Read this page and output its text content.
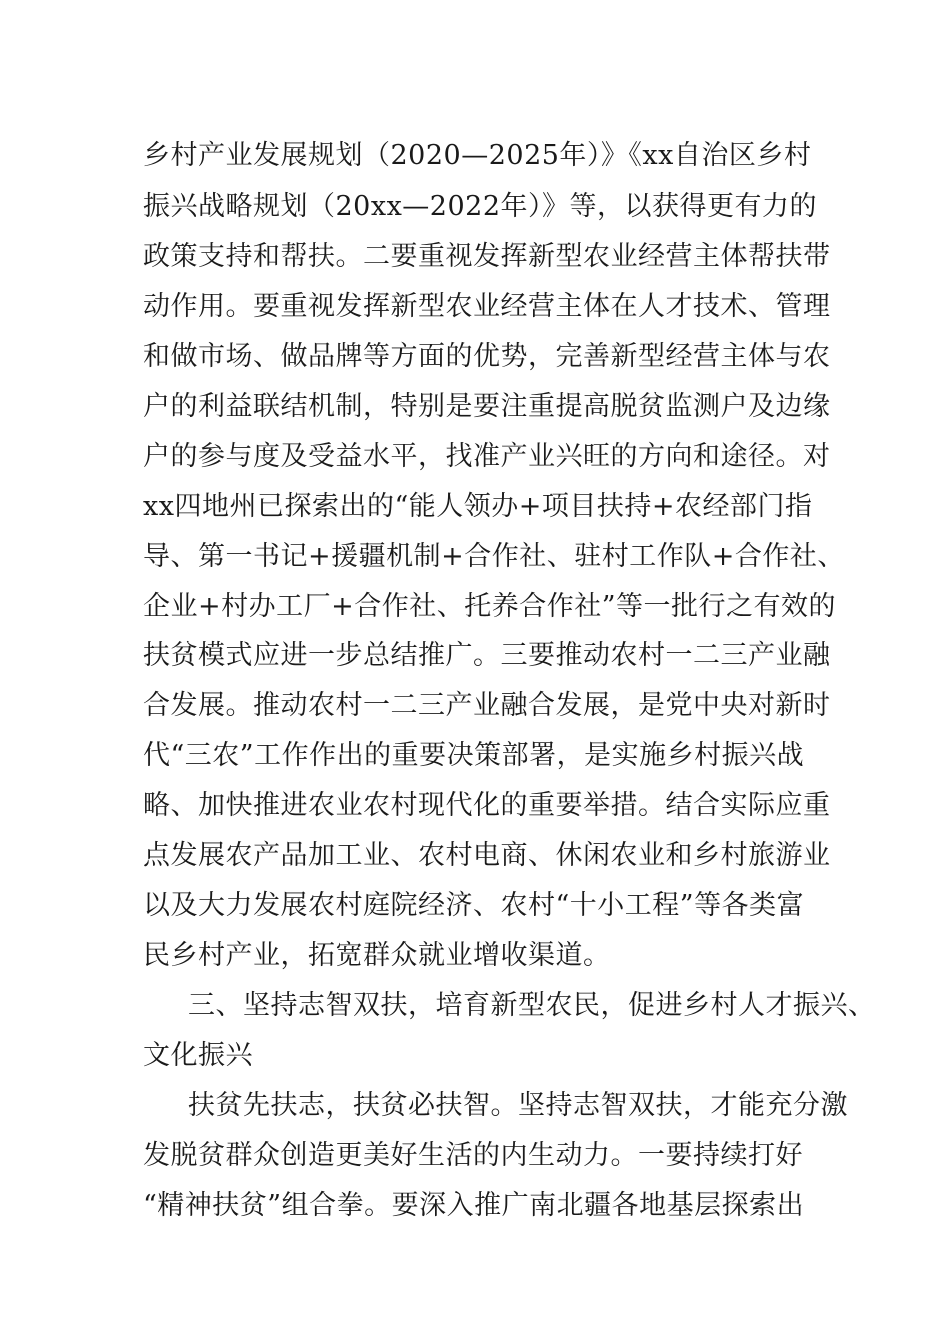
乡村产业发展规划（2020—2025年）》《xx自治区乡村
振兴战略规划（20xx—2022年）》等，以获得更有力的
政策支持和帮扶。二要重视发挥新型农业经营主体帮扶带
动作用。要重视发挥新型农业经营主体在人才技术、管理
和做市场、做品牌等方面的优势，完善新型经营主体与农
户的利益联结机制，特别是要注重提高脱贫监测户及边缘
户的参与度及受益水平，找准产业兴旺的方向和途径。对
xx四地州已探索出的“能人领办+项目扶持+农经部门指
导、第一书记+援疆机制+合作社、驻村工作队+合作社、
企业+村办工厂+合作社、托养合作社”等一批行之有效的
扶贫模式应进一步总结推广。三要推动农村一二三产业融
合发展。推动农村一二三产业融合发展，是党中央对新时
代“三农”工作作出的重要决策部署，是实施乡村振兴战
略、加快推进农业农村现代化的重要举措。结合实际应重
点发展农产品加工业、农村电商、休闲农业和乡村旅游业
以及大力发展农村庭院经济、农村“十小工程”等各类富
民乡村产业，拓宽群众就业增收渠道。
三、坚持志智双扶，培育新型农民，促进乡村人才振兴、
文化振兴
扶贫先扶志，扶贫必扶智。坚持志智双扶，才能充分激
发脱贫群众创造更美好生活的内生动力。一要持续打好
“精神扶贫”组合拳。要深入推广南北疆各地基层探索出
